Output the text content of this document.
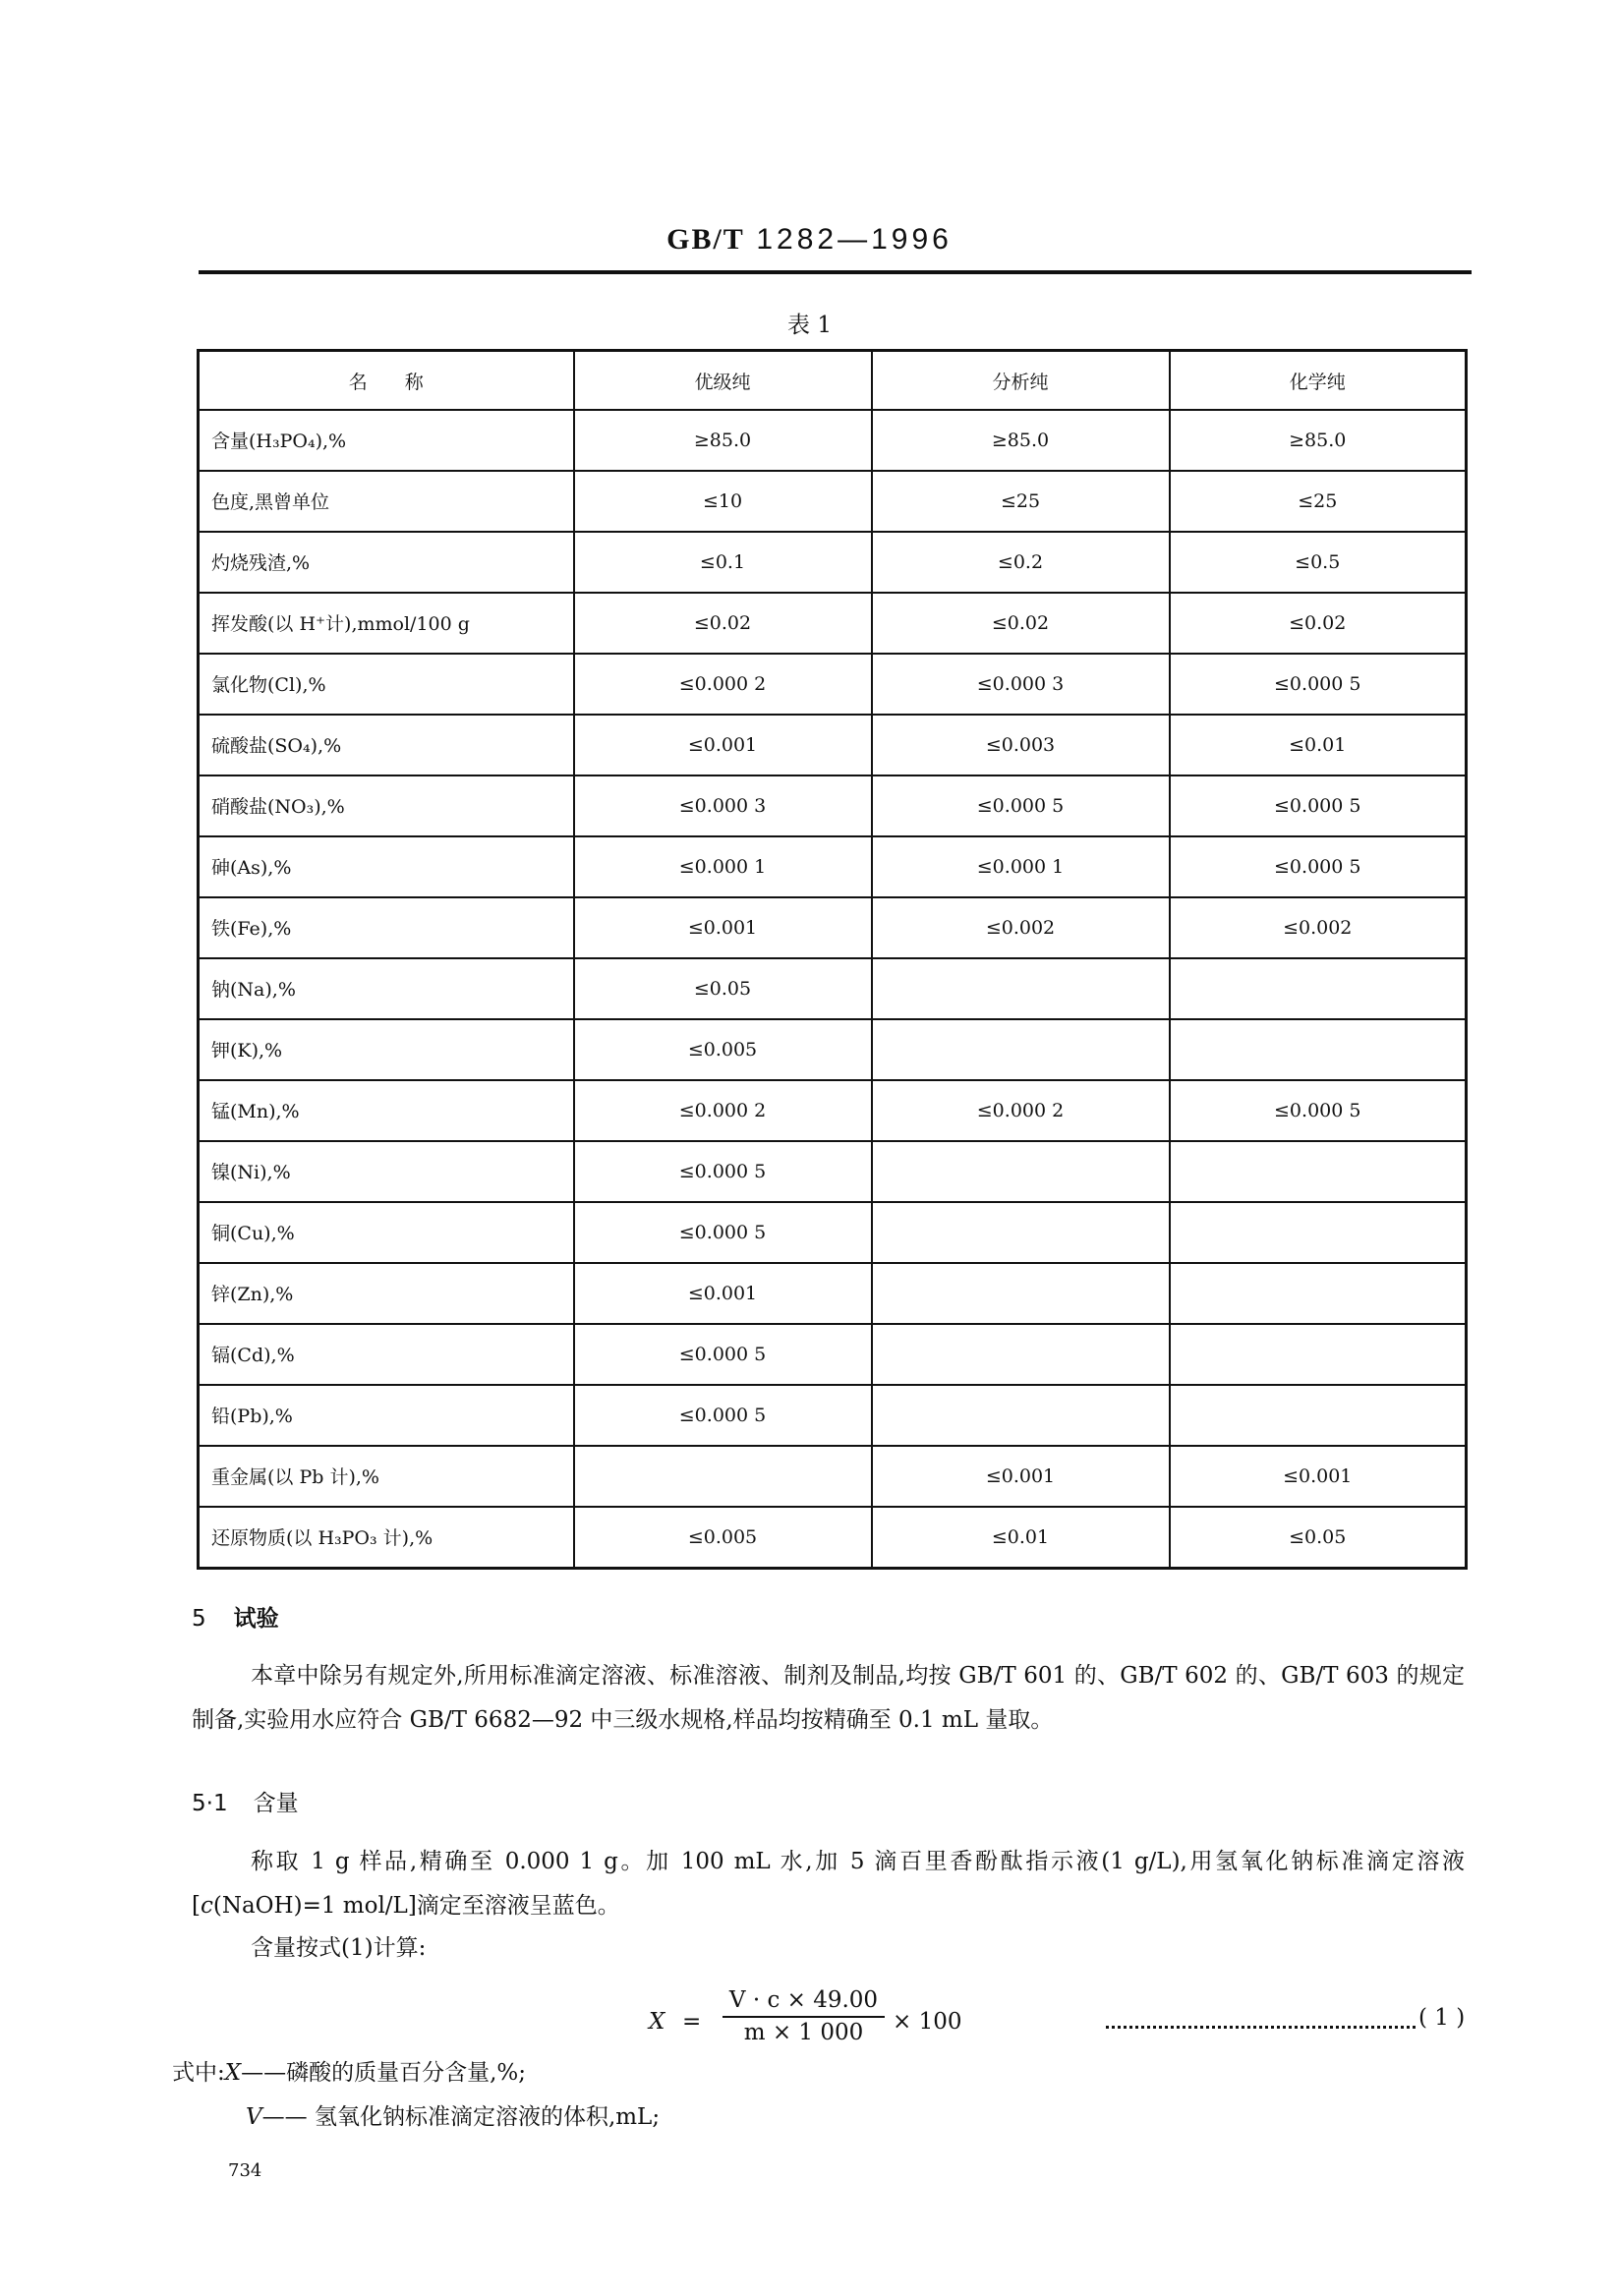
GB/T 1282—1996
表 1
名　　称	优级纯	分析纯	化学纯
含量(H₃PO₄),%	≥85.0	≥85.0	≥85.0
色度,黑曾单位	≤10	≤25	≤25
灼烧残渣,%	≤0.1	≤0.2	≤0.5
挥发酸(以 H⁺计),mmol/100 g	≤0.02	≤0.02	≤0.02
氯化物(Cl),%	≤0.000 2	≤0.000 3	≤0.000 5
硫酸盐(SO₄),%	≤0.001	≤0.003	≤0.01
硝酸盐(NO₃),%	≤0.000 3	≤0.000 5	≤0.000 5
砷(As),%	≤0.000 1	≤0.000 1	≤0.000 5
铁(Fe),%	≤0.001	≤0.002	≤0.002
钠(Na),%	≤0.05		
钾(K),%	≤0.005		
锰(Mn),%	≤0.000 2	≤0.000 2	≤0.000 5
镍(Ni),%	≤0.000 5		
铜(Cu),%	≤0.000 5		
锌(Zn),%	≤0.001		
镉(Cd),%	≤0.000 5		
铅(Pb),%	≤0.000 5		
重金属(以 Pb 计),%		≤0.001	≤0.001
还原物质(以 H₃PO₃ 计),%	≤0.005	≤0.01	≤0.05
5 试验
本章中除另有规定外,所用标准滴定溶液、标准溶液、制剂及制品,均按 GB/T 601 的、GB/T 602 的、GB/T 603 的规定制备,实验用水应符合 GB/T 6682—92 中三级水规格,样品均按精确至 0.1 mL 量取。
5·1 含量
称取 1 g 样品,精确至 0.000 1 g。加 100 mL 水,加 5 滴百里香酚酞指示液(1 g/L),用氢氧化钠标准滴定溶液[c(NaOH)=1 mol/L]滴定至溶液呈蓝色。
含量按式(1)计算:
$X = \frac{V \cdot c \times 49.00}{m \times 1 000} \times 100$	( 1 )
式中:X——磷酸的质量百分含量,%;
V—— 氢氧化钠标准滴定溶液的体积,mL;
734
